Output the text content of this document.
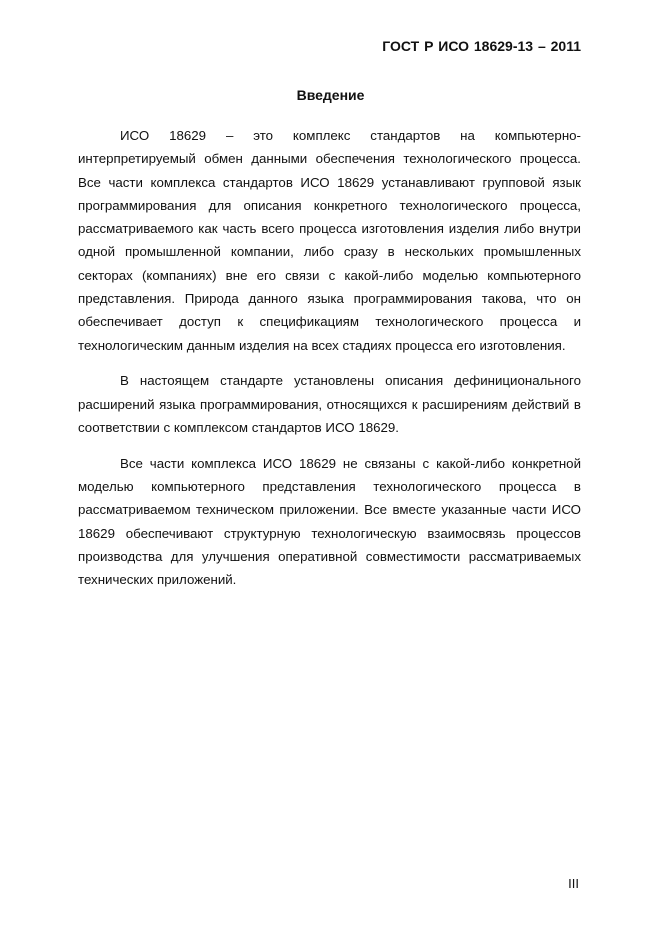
ГОСТ Р ИСО 18629-13 – 2011
Введение
ИСО 18629 – это комплекс стандартов на компьютерно-
интерпретируемый обмен данными обеспечения технологического процесса.
Все части комплекса стандартов ИСО 18629 устанавливают групповой язык
программирования для описания конкретного технологического процесса,
рассматриваемого как часть всего процесса изготовления изделия либо внутри
одной промышленной компании, либо сразу в нескольких промышленных
секторах (компаниях) вне его связи с какой-либо моделью компьютерного
представления. Природа данного языка программирования такова, что он
обеспечивает доступ к спецификациям технологического процесса и
технологическим данным изделия на всех стадиях процесса его изготовления.
В настоящем стандарте установлены описания дефиниционального
расширений языка программирования, относящихся к расширениям действий в
соответствии с комплексом стандартов ИСО 18629.
Все части комплекса ИСО 18629 не связаны с какой-либо конкретной
моделью компьютерного представления технологического процесса в
рассматриваемом техническом приложении. Все вместе указанные части ИСО
18629 обеспечивают структурную технологическую взаимосвязь процессов
производства для улучшения оперативной совместимости рассматриваемых
технических приложений.
III
